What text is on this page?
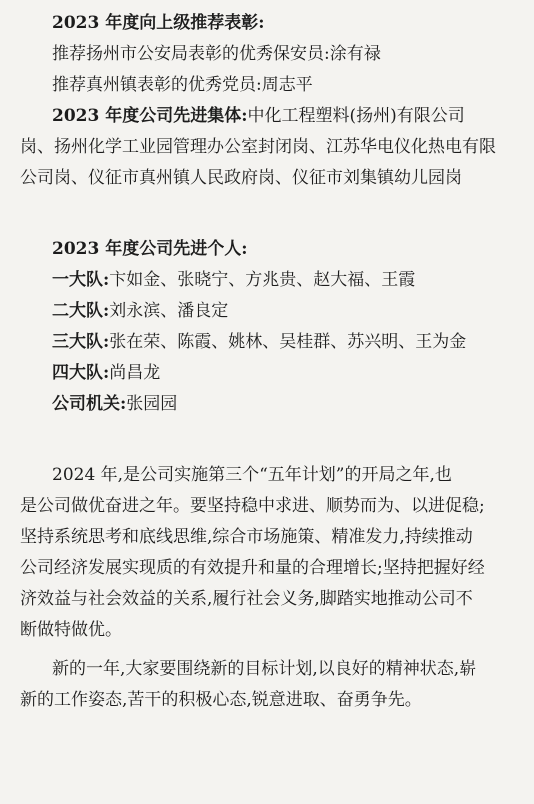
2023 年度向上级推荐表彰:
推荐扬州市公安局表彰的优秀保安员:涂有禄
推荐真州镇表彰的优秀党员:周志平
2023 年度公司先进集体:中化工程塑料(扬州)有限公司
岗、扬州化学工业园管理办公室封闭岗、江苏华电仪化热电有限
公司岗、仪征市真州镇人民政府岗、仪征市刘集镇幼儿园岗
2023 年度公司先进个人:
一大队:卞如金、张晓宁、方兆贵、赵大福、王霞
二大队:刘永滨、潘良定
三大队:张在荣、陈霞、姚林、吴桂群、苏兴明、王为金
四大队:尚昌龙
公司机关:张园园
2024 年,是公司实施第三个“五年计划”的开局之年,也
是公司做优奋进之年。要坚持稳中求进、顺势而为、以进促稳;
坚持系统思考和底线思维,综合市场施策、精准发力,持续推动
公司经济发展实现质的有效提升和量的合理增长;坚持把握好经
济效益与社会效益的关系,履行社会义务,脚踏实地推动公司不
断做特做优。
新的一年,大家要围绕新的目标计划,以良好的精神状态,崭
新的工作姿态,苦干的积极心态,锐意进取、奋勇争先。
